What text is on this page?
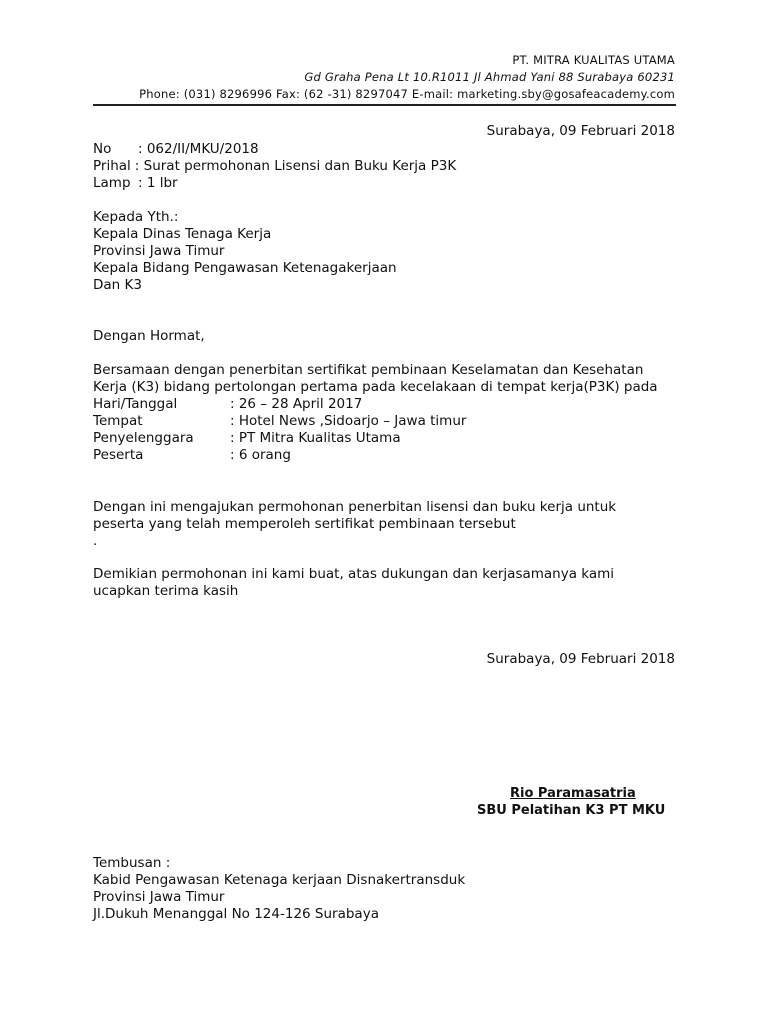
PT. MITRA KUALITAS UTAMA
Gd Graha Pena Lt 10.R1011 Jl Ahmad Yani 88 Surabaya 60231
Phone: (031) 8296996 Fax: (62 -31) 8297047 E-mail: marketing.sby@gosafeacademy.com
Surabaya, 09 Februari 2018
No	: 062/II/MKU/2018
Prihal : Surat permohonan Lisensi dan Buku Kerja P3K
Lamp : 1 lbr
Kepada Yth.:
Kepala Dinas Tenaga Kerja
Provinsi Jawa Timur
Kepala Bidang Pengawasan Ketenagakerjaan
Dan K3
Dengan Hormat,
Bersamaan dengan penerbitan sertifikat pembinaan Keselamatan dan Kesehatan
Kerja (K3) bidang pertolongan pertama pada kecelakaan di tempat kerja(P3K) pada
Hari/Tanggal	: 26 – 28 April 2017
Tempat	: Hotel News ,Sidoarjo – Jawa timur
Penyelenggara	: PT Mitra Kualitas Utama
Peserta	: 6 orang
Dengan ini mengajukan permohonan penerbitan lisensi dan buku kerja untuk
peserta yang telah memperoleh sertifikat pembinaan tersebut
.
Demikian permohonan ini kami buat, atas dukungan dan kerjasamanya kami
ucapkan terima kasih
Surabaya, 09 Februari 2018
Rio Paramasatria
SBU Pelatihan K3 PT MKU
Tembusan :
Kabid Pengawasan Ketenaga kerjaan Disnakertransduk
Provinsi Jawa Timur
Jl.Dukuh Menanggal No 124-126 Surabaya
